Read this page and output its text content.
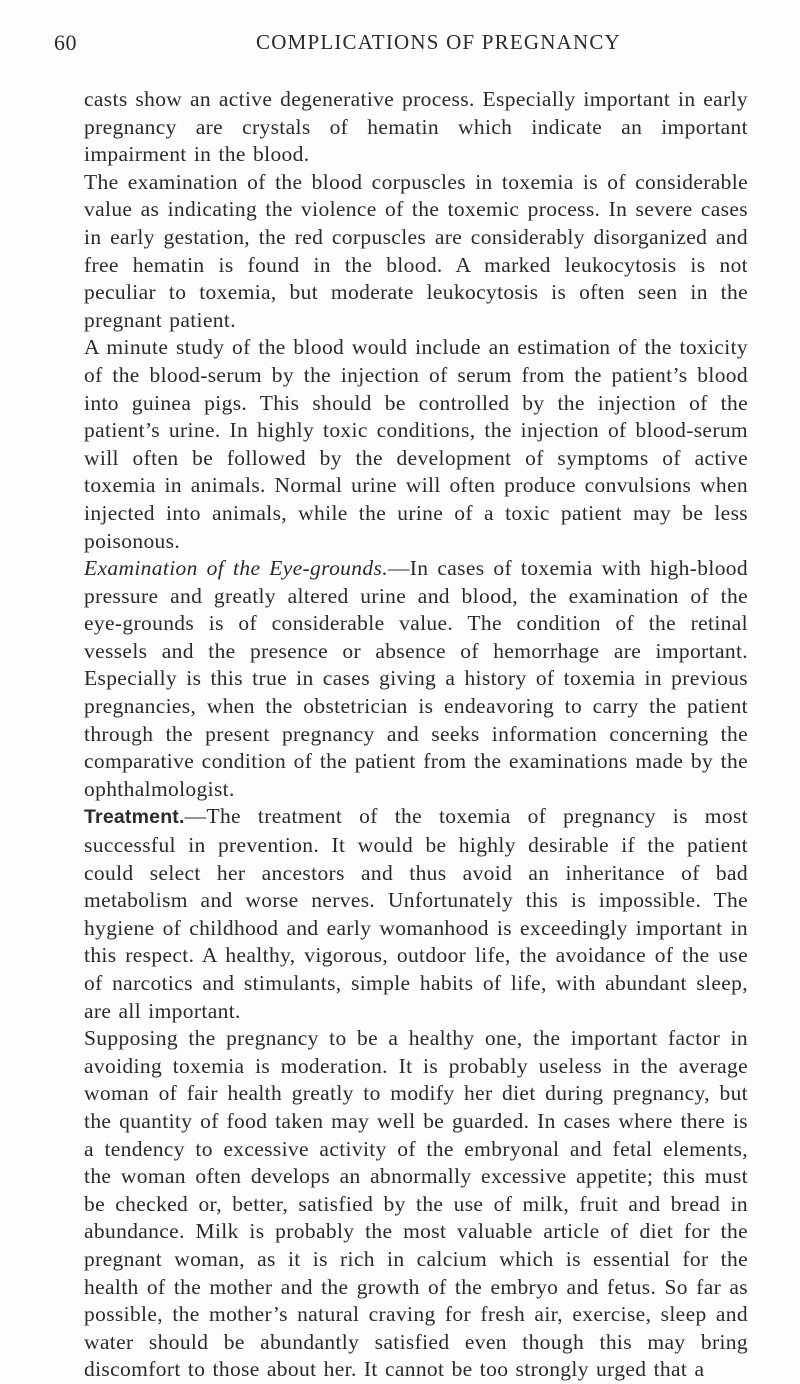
60	COMPLICATIONS OF PREGNANCY

casts show an active degenerative process. Especially important in early pregnancy are crystals of hematin which indicate an important impairment in the blood.

The examination of the blood corpuscles in toxemia is of considerable value as indicating the violence of the toxemic process. In severe cases in early gestation, the red corpuscles are considerably disorganized and free hematin is found in the blood. A marked leukocytosis is not peculiar to toxemia, but moderate leukocytosis is often seen in the pregnant patient.

A minute study of the blood would include an estimation of the toxicity of the blood-serum by the injection of serum from the patient’s blood into guinea pigs. This should be controlled by the injection of the patient’s urine. In highly toxic conditions, the injection of blood-serum will often be followed by the development of symptoms of active toxemia in animals. Normal urine will often produce convulsions when injected into animals, while the urine of a toxic patient may be less poisonous.

Examination of the Eye-grounds.—In cases of toxemia with high-blood pressure and greatly altered urine and blood, the examination of the eye-grounds is of considerable value. The condition of the retinal vessels and the presence or absence of hemorrhage are important. Especially is this true in cases giving a history of toxemia in previous pregnancies, when the obstetrician is endeavoring to carry the patient through the present pregnancy and seeks information concerning the comparative condition of the patient from the examinations made by the ophthalmologist.

Treatment.—The treatment of the toxemia of pregnancy is most successful in prevention. It would be highly desirable if the patient could select her ancestors and thus avoid an inheritance of bad metabolism and worse nerves. Unfortunately this is impossible. The hygiene of childhood and early womanhood is exceedingly important in this respect. A healthy, vigorous, outdoor life, the avoidance of the use of narcotics and stimulants, simple habits of life, with abundant sleep, are all important.

Supposing the pregnancy to be a healthy one, the important factor in avoiding toxemia is moderation. It is probably useless in the average woman of fair health greatly to modify her diet during pregnancy, but the quantity of food taken may well be guarded. In cases where there is a tendency to excessive activity of the embryonal and fetal elements, the woman often develops an abnormally excessive appetite; this must be checked or, better, satisfied by the use of milk, fruit and bread in abundance. Milk is probably the most valuable article of diet for the pregnant woman, as it is rich in calcium which is essential for the health of the mother and the growth of the embryo and fetus. So far as possible, the mother’s natural craving for fresh air, exercise, sleep and water should be abundantly satisfied even though this may bring discomfort to those about her. It cannot be too strongly urged that a
